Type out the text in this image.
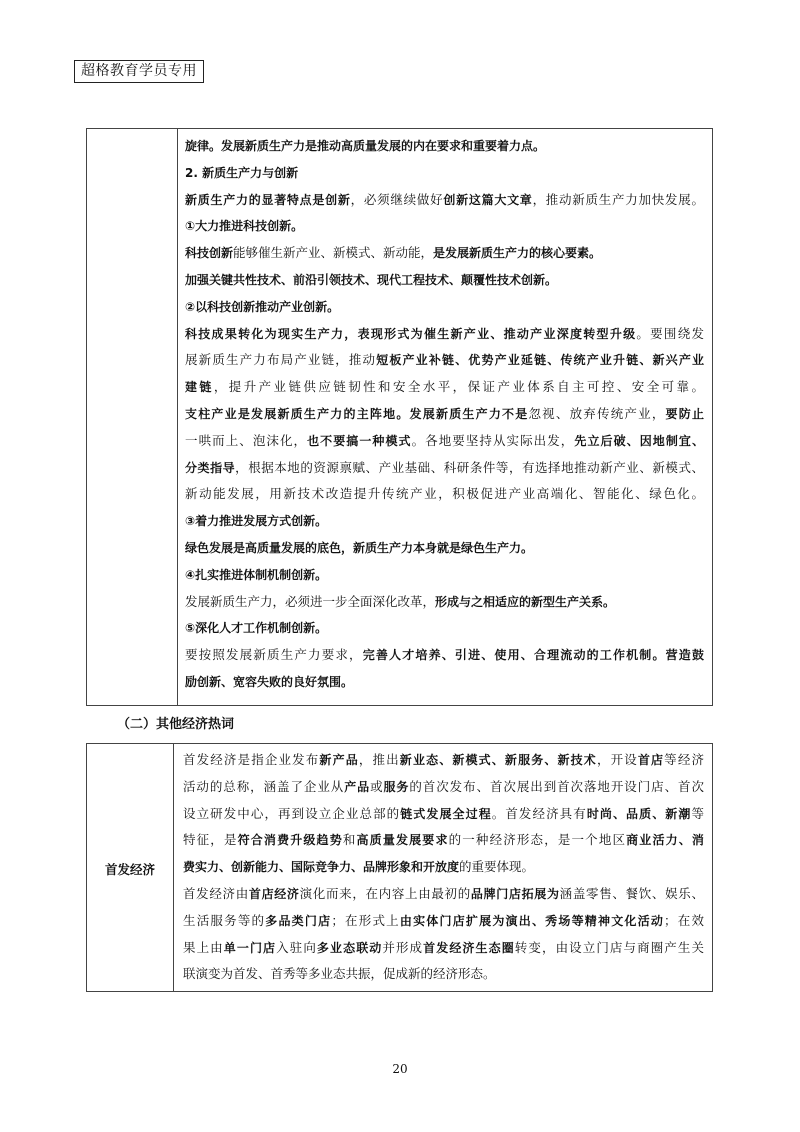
超格教育学员专用
旋律。发展新质生产力是推动高质量发展的内在要求和重要着力点。
2. 新质生产力与创新
新质生产力的显著特点是创新，必须继续做好创新这篇大文章，推动新质生产力加快发展。
①大力推进科技创新。
科技创新能够催生新产业、新模式、新动能，是发展新质生产力的核心要素。
加强关键共性技术、前沿引领技术、现代工程技术、颠覆性技术创新。
②以科技创新推动产业创新。
科技成果转化为现实生产力，表现形式为催生新产业、推动产业深度转型升级。要围绕发
展新质生产力布局产业链，推动短板产业补链、优势产业延链、传统产业升链、新兴产业
建链，提升产业链供应链韧性和安全水平，保证产业体系自主可控、安全可靠。
支柱产业是发展新质生产力的主阵地。发展新质生产力不是忽视、放弃传统产业，要防止
一哄而上、泡沫化，也不要搞一种模式。各地要坚持从实际出发，先立后破、因地制宜、
分类指导，根据本地的资源禀赋、产业基础、科研条件等，有选择地推动新产业、新模式、
新动能发展，用新技术改造提升传统产业，积极促进产业高端化、智能化、绿色化。
③着力推进发展方式创新。
绿色发展是高质量发展的底色，新质生产力本身就是绿色生产力。
④扎实推进体制机制创新。
发展新质生产力，必须进一步全面深化改革，形成与之相适应的新型生产关系。
⑤深化人才工作机制创新。
要按照发展新质生产力要求，完善人才培养、引进、使用、合理流动的工作机制。营造鼓
励创新、宽容失败的良好氛围。
（二）其他经济热词
首发经济
首发经济是指企业发布新产品，推出新业态、新模式、新服务、新技术，开设首店等经济
活动的总称，涵盖了企业从产品或服务的首次发布、首次展出到首次落地开设门店、首次
设立研发中心，再到设立企业总部的链式发展全过程。首发经济具有时尚、品质、新潮等
特征，是符合消费升级趋势和高质量发展要求的一种经济形态，是一个地区商业活力、消
费实力、创新能力、国际竞争力、品牌形象和开放度的重要体现。
首发经济由首店经济演化而来，在内容上由最初的品牌门店拓展为涵盖零售、餐饮、娱乐、
生活服务等的多品类门店；在形式上由实体门店扩展为演出、秀场等精神文化活动；在效
果上由单一门店入驻向多业态联动并形成首发经济生态圈转变，由设立门店与商圈产生关
联演变为首发、首秀等多业态共振，促成新的经济形态。
20
